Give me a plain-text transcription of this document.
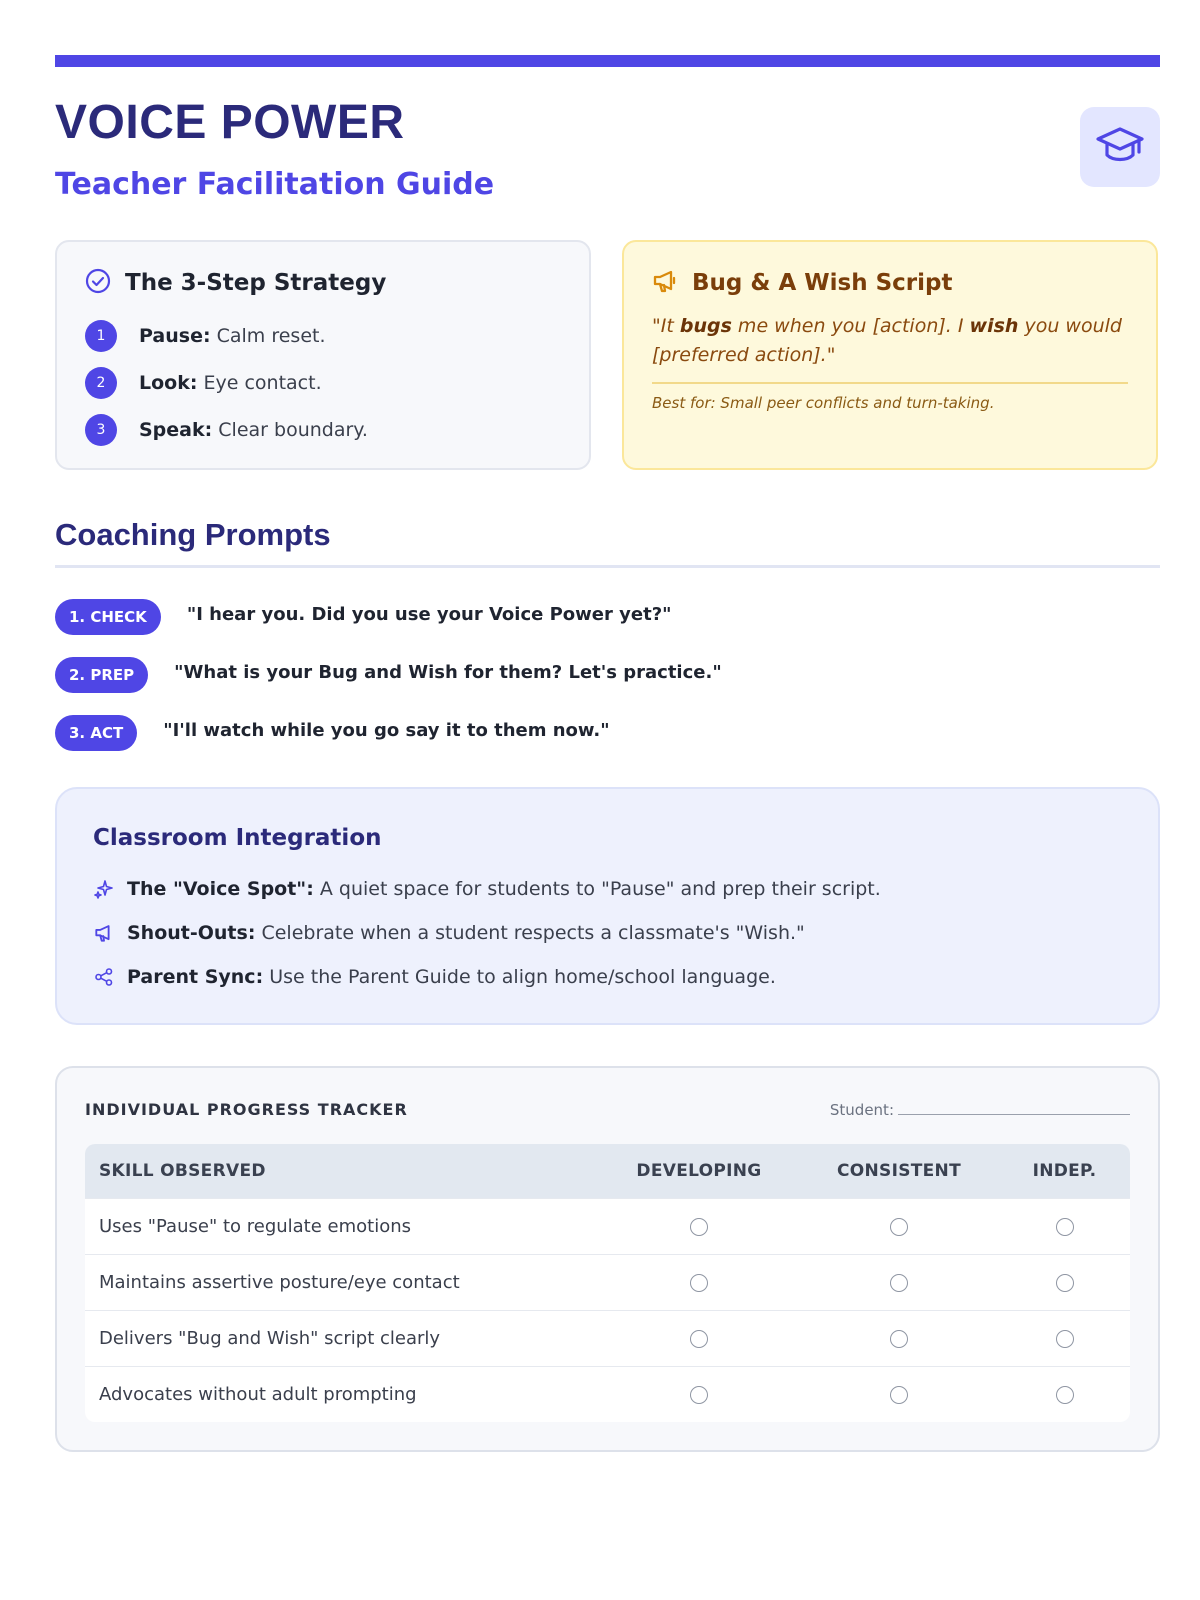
VOICE POWER
Teacher Facilitation Guide
The 3-Step Strategy
1	Pause: Calm reset.
2	Look: Eye contact.
3	Speak: Clear boundary.
Bug & A Wish Script

"It bugs me when you [action]. I wish you would [preferred action]."

Best for: Small peer conflicts and turn-taking.
Coaching Prompts
1. CHECK	"I hear you. Did you use your Voice Power yet?"
2. PREP	"What is your Bug and Wish for them? Let's practice."
3. ACT	"I'll watch while you go say it to them now."
Classroom Integration
The "Voice Spot": A quiet space for students to "Pause" and prep their script.
Shout-Outs: Celebrate when a student respects a classmate's "Wish."
Parent Sync: Use the Parent Guide to align home/school language.
INDIVIDUAL PROGRESS TRACKER	Student:
SKILL OBSERVED	DEVELOPING	CONSISTENT	INDEP.
Uses "Pause" to regulate emotions			
Maintains assertive posture/eye contact			
Delivers "Bug and Wish" script clearly			
Advocates without adult prompting			
